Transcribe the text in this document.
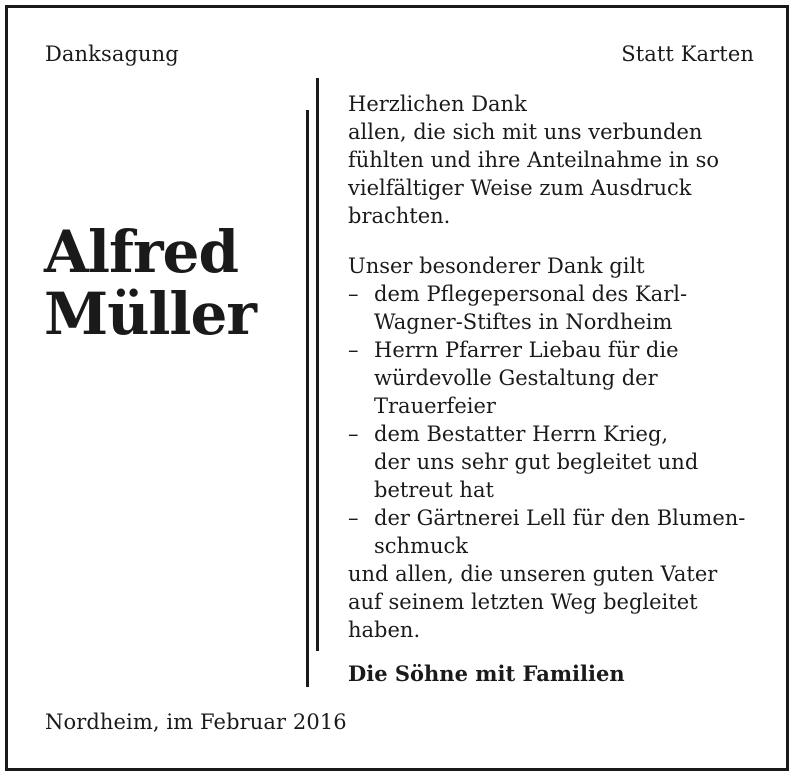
Danksagung	Statt Karten
Alfred
Müller
Herzlichen Dank
allen, die sich mit uns verbunden
fühlten und ihre Anteilnahme in so
vielfältiger Weise zum Ausdruck
brachten.
Unser besonderer Dank gilt
– dem Pflegepersonal des Karl-
Wagner-Stiftes in Nordheim
– Herrn Pfarrer Liebau für die
würdevolle Gestaltung der
Trauerfeier
– dem Bestatter Herrn Krieg,
der uns sehr gut begleitet und
betreut hat
– der Gärtnerei Lell für den Blumen-
schmuck
und allen, die unseren guten Vater
auf seinem letzten Weg begleitet
haben.
Die Söhne mit Familien
Nordheim, im Februar 2016
